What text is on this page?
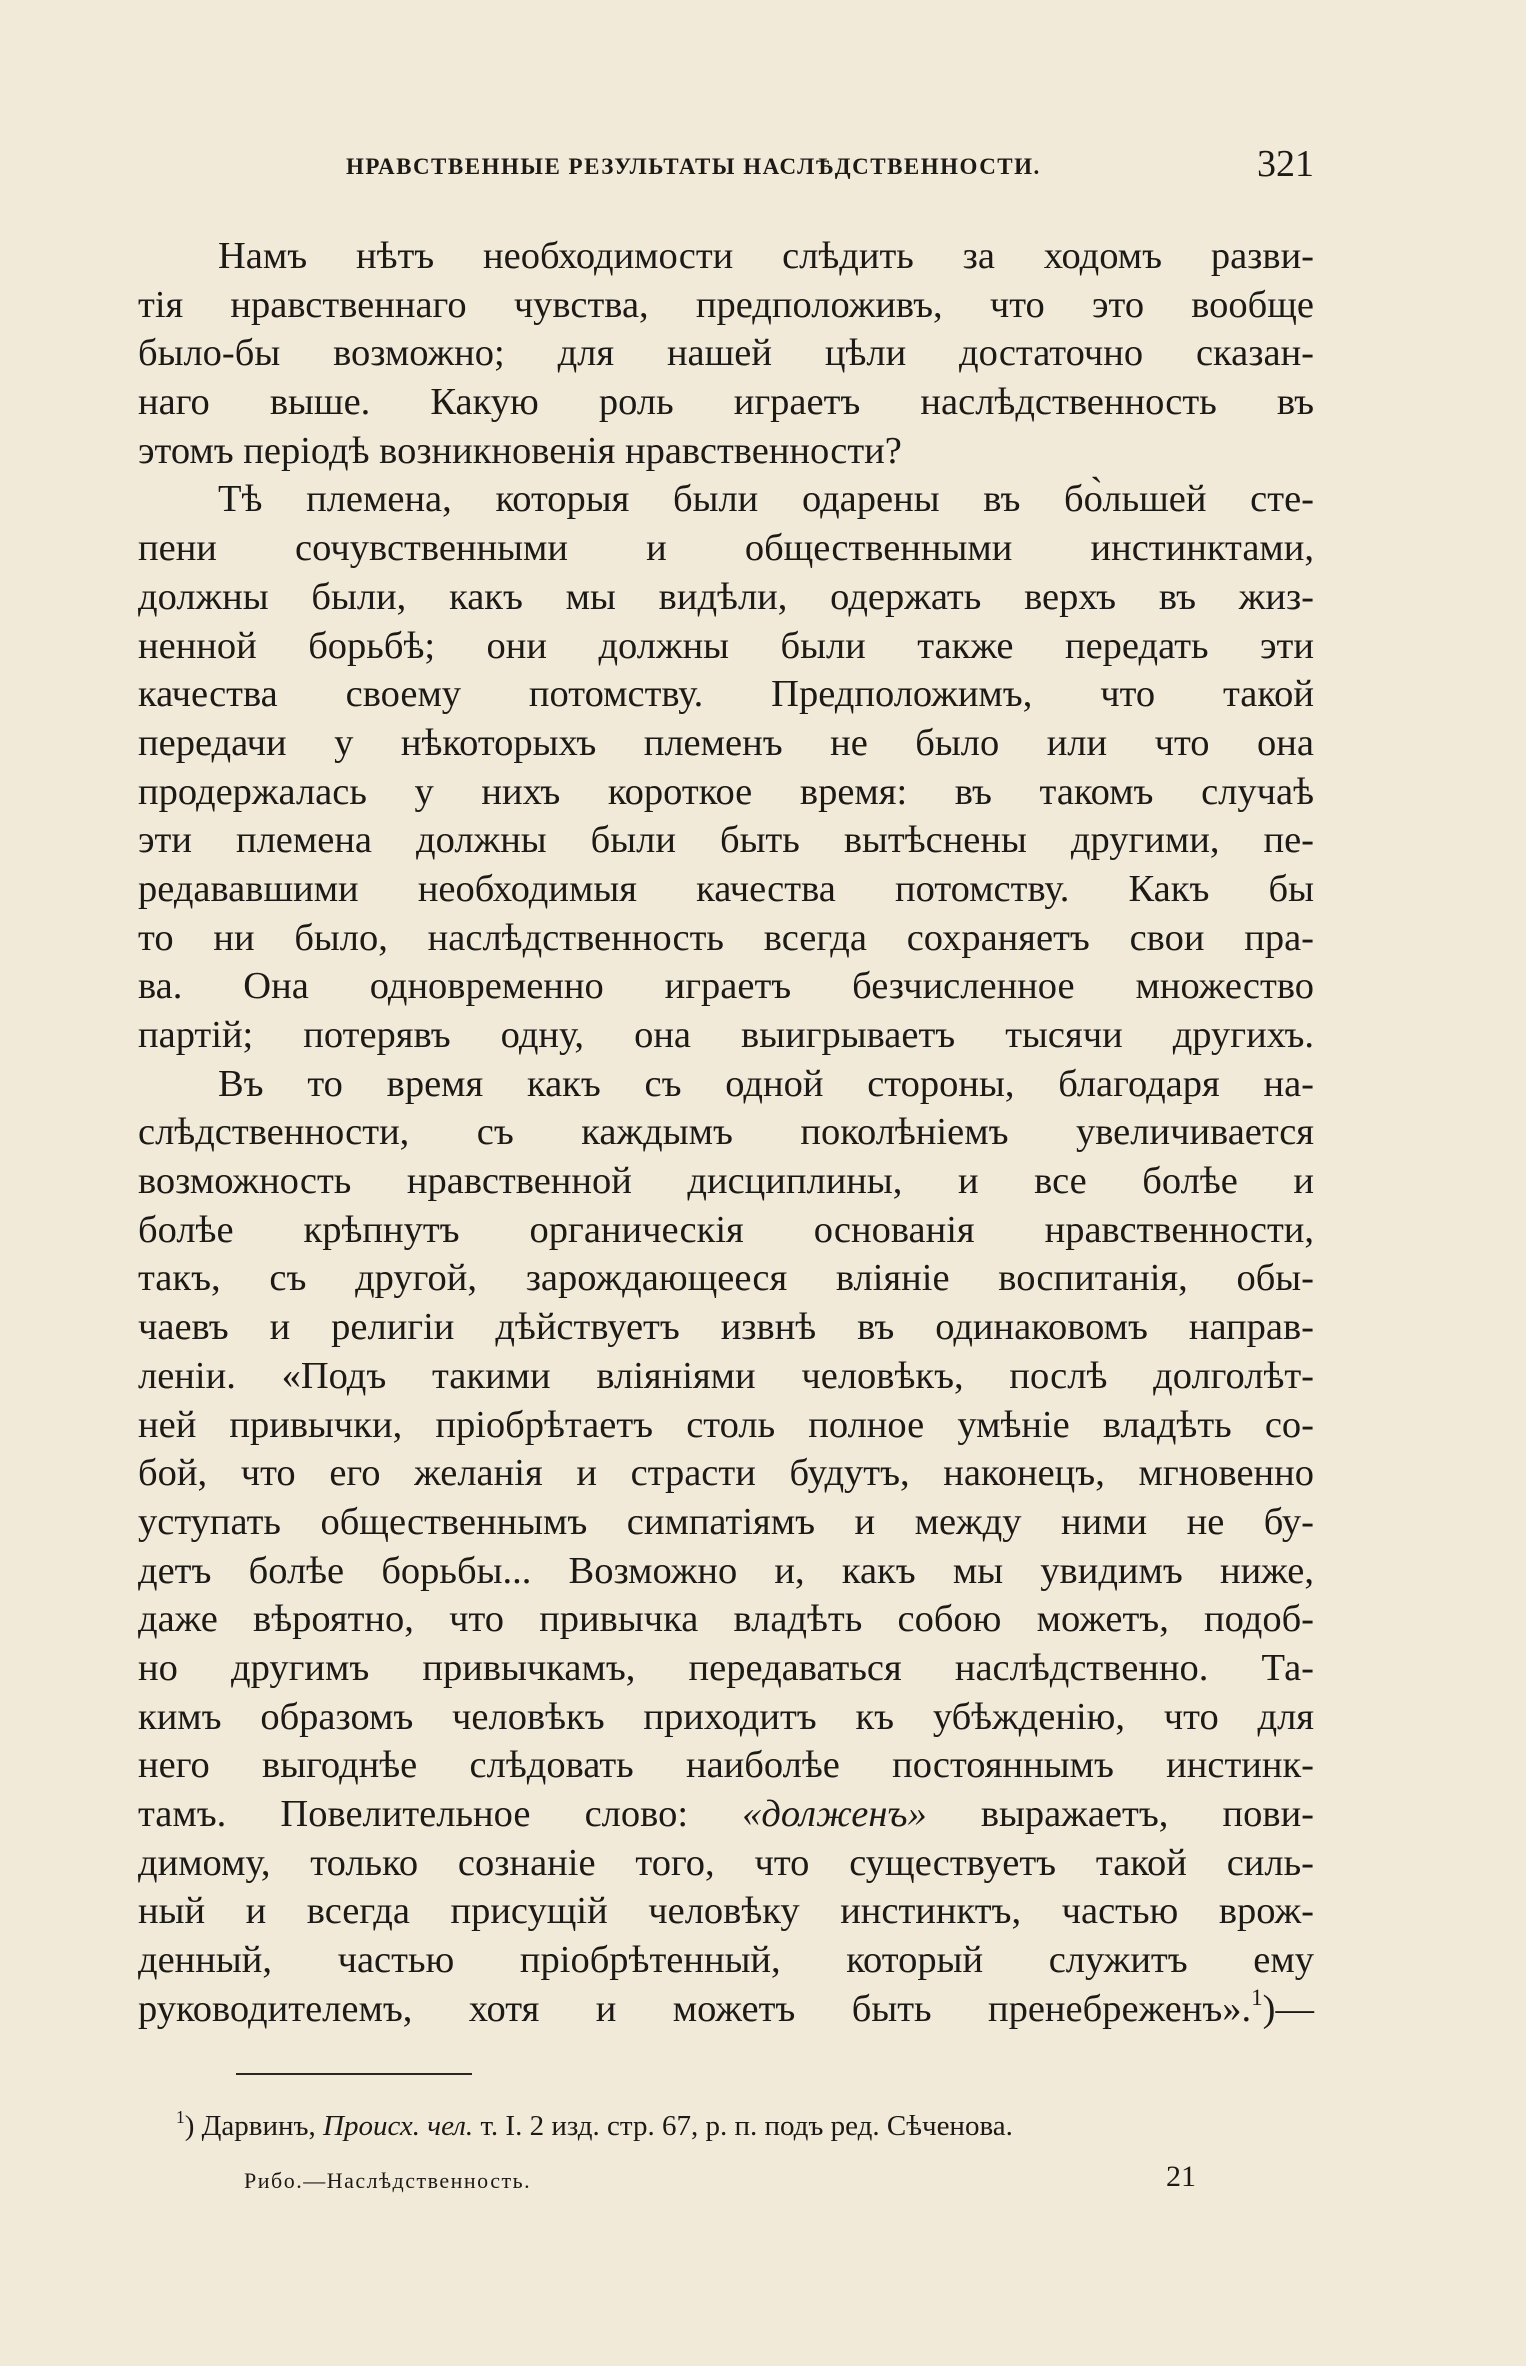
НРАВСТВЕННЫЕ РЕЗУЛЬТАТЫ НАСЛѢДСТВЕННОСТИ.	321
Намъ нѣтъ необходимости слѣдить за ходомъ разви-
тія нравственнаго чувства, предположивъ, что это вообще
было-бы возможно; для нашей цѣли достаточно сказан-
наго выше. Какую роль играетъ наслѣдственность въ
этомъ періодѣ возникновенія нравственности?
Тѣ племена, которыя были одарены въ бо̀льшей сте-
пени сочувственными и общественными инстинктами,
должны были, какъ мы видѣли, одержать верхъ въ жиз-
ненной борьбѣ; они должны были также передать эти
качества своему потомству. Предположимъ, что такой
передачи у нѣкоторыхъ племенъ не было или что она
продержалась у нихъ короткое время: въ такомъ случаѣ
эти племена должны были быть вытѣснены другими, пе-
редававшими необходимыя качества потомству. Какъ бы
то ни было, наслѣдственность всегда сохраняетъ свои пра-
ва. Она одновременно играетъ безчисленное множество
партій; потерявъ одну, она выигрываетъ тысячи другихъ.
Въ то время какъ съ одной стороны, благодаря на-
слѣдственности, съ каждымъ поколѣніемъ увеличивается
возможность нравственной дисциплины, и все болѣе и
болѣе крѣпнутъ органическія основанія нравственности,
такъ, съ другой, зарождающееся вліяніе воспитанія, обы-
чаевъ и религіи дѣйствуетъ извнѣ въ одинаковомъ направ-
леніи. «Подъ такими вліяніями человѣкъ, послѣ долголѣт-
ней привычки, пріобрѣтаетъ столь полное умѣніе владѣть со-
бой, что его желанія и страсти будутъ, наконецъ, мгновенно
уступать общественнымъ симпатіямъ и между ними не бу-
детъ болѣе борьбы... Возможно и, какъ мы увидимъ ниже,
даже вѣроятно, что привычка владѣть собою можетъ, подоб-
но другимъ привычкамъ, передаваться наслѣдственно. Та-
кимъ образомъ человѣкъ приходитъ къ убѣжденію, что для
него выгоднѣе слѣдовать наиболѣе постояннымъ инстинк-
тамъ. Повелительное слово: «долженъ» выражаетъ, пови-
димому, только сознаніе того, что существуетъ такой силь-
ный и всегда присущій человѣку инстинктъ, частью врож-
денный, частью пріобрѣтенный, который служитъ ему
руководителемъ, хотя и можетъ быть пренебреженъ».$^1$)—
$^1$) Дарвинъ, Происх. чел. т. I. 2 изд. стр. 67, р. п. подъ ред. Сѣченова.
Рибо.—Наслѣдственность.	21
